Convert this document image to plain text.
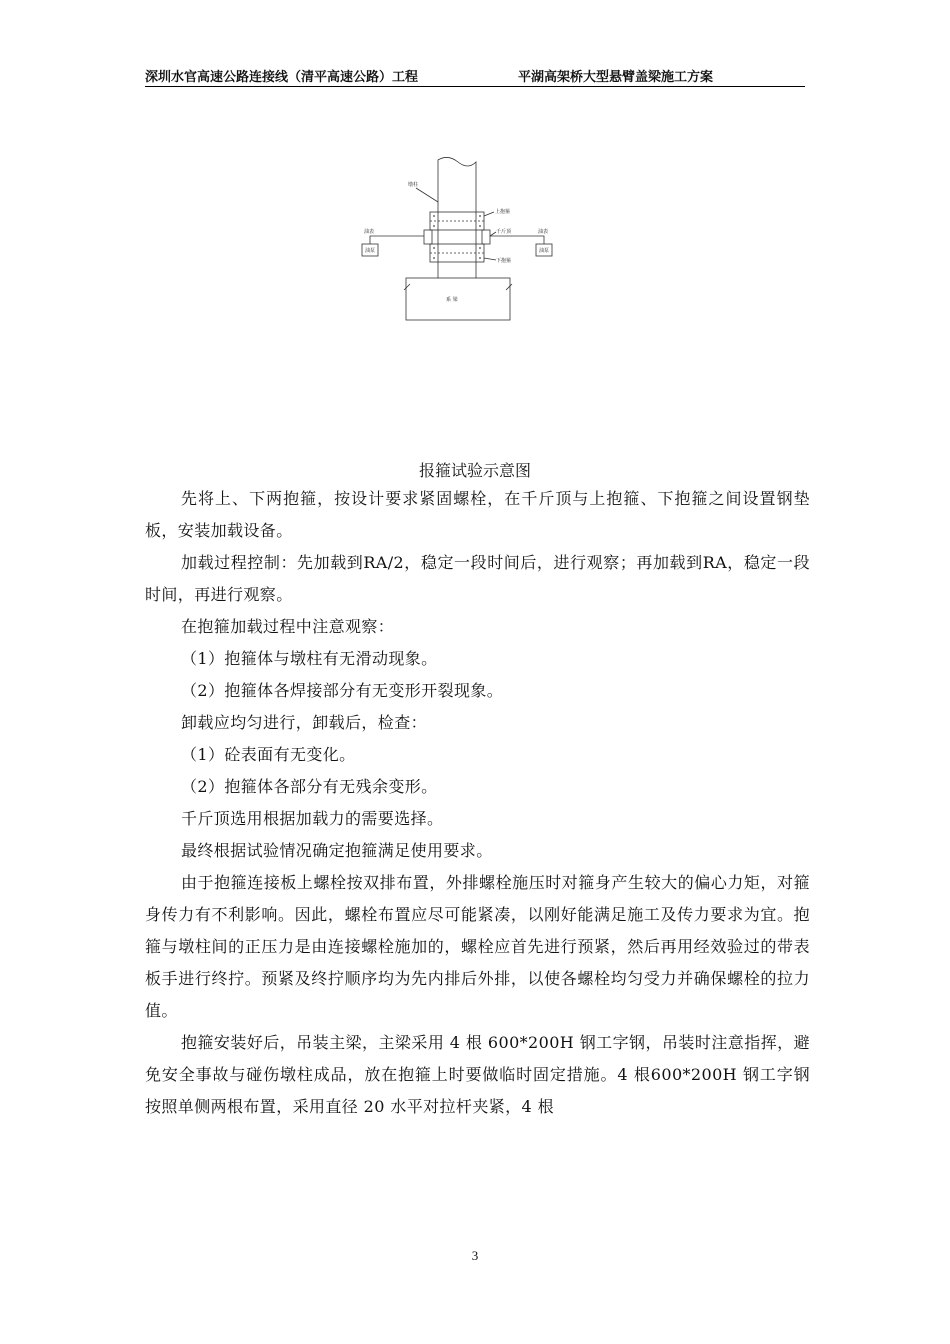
深圳水官高速公路连接线（清平高速公路）工程	平湖高架桥大型悬臂盖梁施工方案
墩柱
上抱箍
千斤顶
下抱箍
油表
油泵
油表
油泵
系 梁
报箍试验示意图

先将上、下两抱箍，按设计要求紧固螺栓，在千斤顶与上抱箍、下抱箍之间设置钢垫板，安装加载设备。

加载过程控制：先加载到RA/2，稳定一段时间后，进行观察；再加载到RA，稳定一段时间，再进行观察。

在抱箍加载过程中注意观察：

（1）抱箍体与墩柱有无滑动现象。

（2）抱箍体各焊接部分有无变形开裂现象。

卸载应均匀进行，卸载后，检查：

（1）砼表面有无变化。

（2）抱箍体各部分有无残余变形。

千斤顶选用根据加载力的需要选择。

最终根据试验情况确定抱箍满足使用要求。

由于抱箍连接板上螺栓按双排布置，外排螺栓施压时对箍身产生较大的偏心力矩，对箍身传力有不利影响。因此，螺栓布置应尽可能紧凑，以刚好能满足施工及传力要求为宜。抱箍与墩柱间的正压力是由连接螺栓施加的，螺栓应首先进行预紧，然后再用经效验过的带表板手进行终拧。预紧及终拧顺序均为先内排后外排，以使各螺栓均匀受力并确保螺栓的拉力值。

抱箍安装好后，吊装主梁，主梁采用 4 根 600*200H 钢工字钢，吊装时注意指挥，避免安全事故与碰伤墩柱成品，放在抱箍上时要做临时固定措施。4 根600*200H 钢工字钢按照单侧两根布置，采用直径 20 水平对拉杆夹紧，4 根

3
